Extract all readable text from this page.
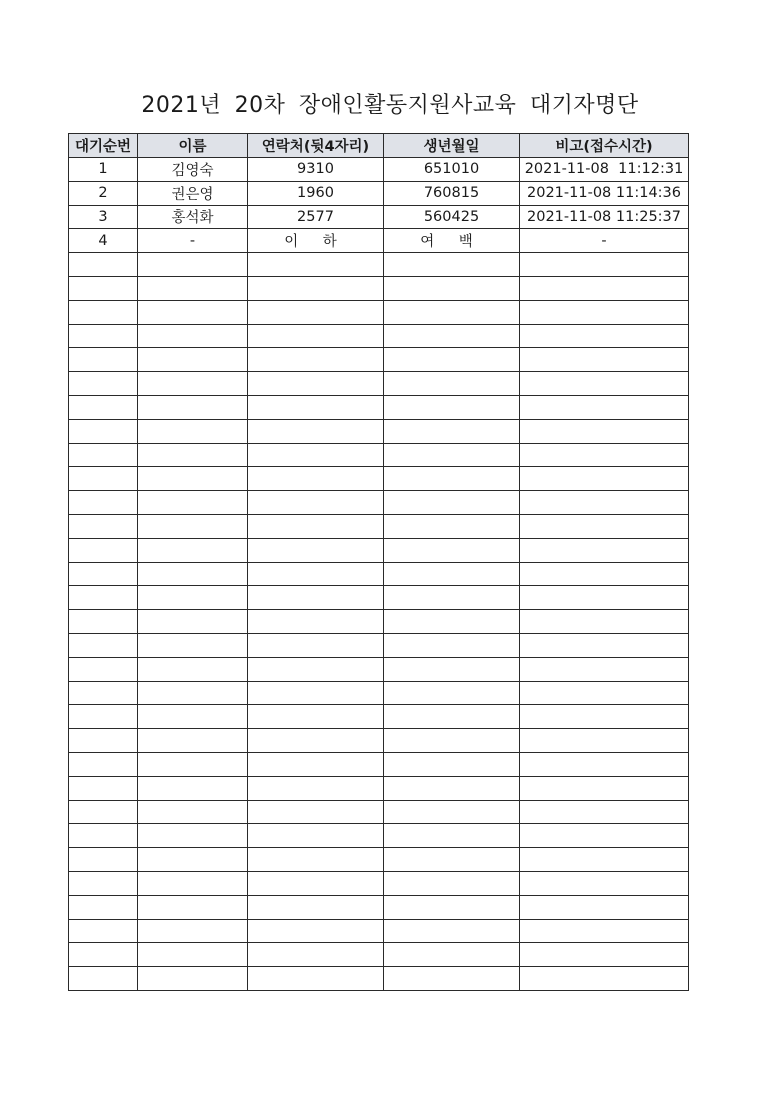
2021년 20차 장애인활동지원사교육 대기자명단
대기순번	이름	연락처(뒷4자리)	생년월일	비고(접수시간)
1	김영숙	9310	651010	2021-11-08  11:12:31
2	권은영	1960	760815	2021-11-08 11:14:36
3	홍석화	2577	560425	2021-11-08 11:25:37
4	-	이 하	여 백	-
